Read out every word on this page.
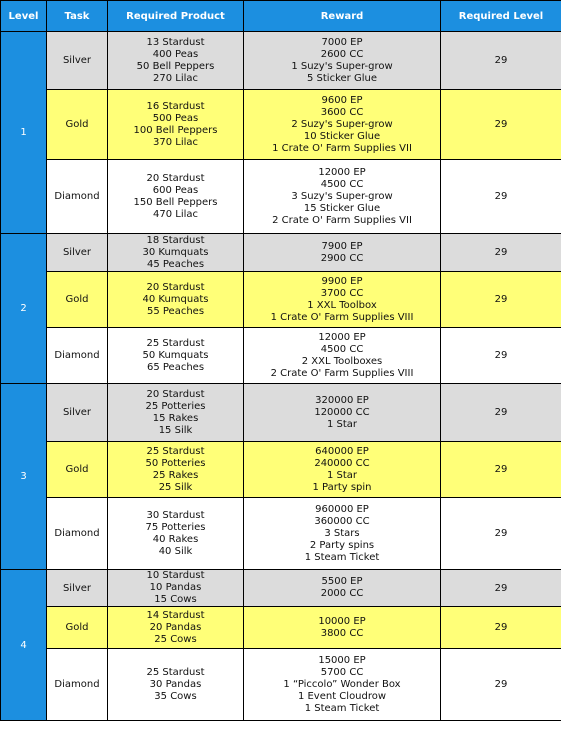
Level	Task	Required Product	Reward	Required Level
1	Silver	13 Stardust
400 Peas
50 Bell Peppers
270 Lilac	7000 EP
2600 CC
1 Suzy's Super-grow
5 Sticker Glue	29
	Gold	16 Stardust
500 Peas
100 Bell Peppers
370 Lilac	9600 EP
3600 CC
2 Suzy's Super-grow
10 Sticker Glue
1 Crate O' Farm Supplies VII	29
	Diamond	20 Stardust
600 Peas
150 Bell Peppers
470 Lilac	12000 EP
4500 CC
3 Suzy's Super-grow
15 Sticker Glue
2 Crate O' Farm Supplies VII	29
2	Silver	18 Stardust
30 Kumquats
45 Peaches	7900 EP
2900 CC	29
	Gold	20 Stardust
40 Kumquats
55 Peaches	9900 EP
3700 CC
1 XXL Toolbox
1 Crate O' Farm Supplies VIII	29
	Diamond	25 Stardust
50 Kumquats
65 Peaches	12000 EP
4500 CC
2 XXL Toolboxes
2 Crate O' Farm Supplies VIII	29
3	Silver	20 Stardust
25 Potteries
15 Rakes
15 Silk	320000 EP
120000 CC
1 Star	29
	Gold	25 Stardust
50 Potteries
25 Rakes
25 Silk	640000 EP
240000 CC
1 Star
1 Party spin	29
	Diamond	30 Stardust
75 Potteries
40 Rakes
40 Silk	960000 EP
360000 CC
3 Stars
2 Party spins
1 Steam Ticket	29
4	Silver	10 Stardust
10 Pandas
15 Cows	5500 EP
2000 CC	29
	Gold	14 Stardust
20 Pandas
25 Cows	10000 EP
3800 CC	29
	Diamond	25 Stardust
30 Pandas
35 Cows	15000 EP
5700 CC
1 “Piccolo” Wonder Box
1 Event Cloudrow
1 Steam Ticket	29
